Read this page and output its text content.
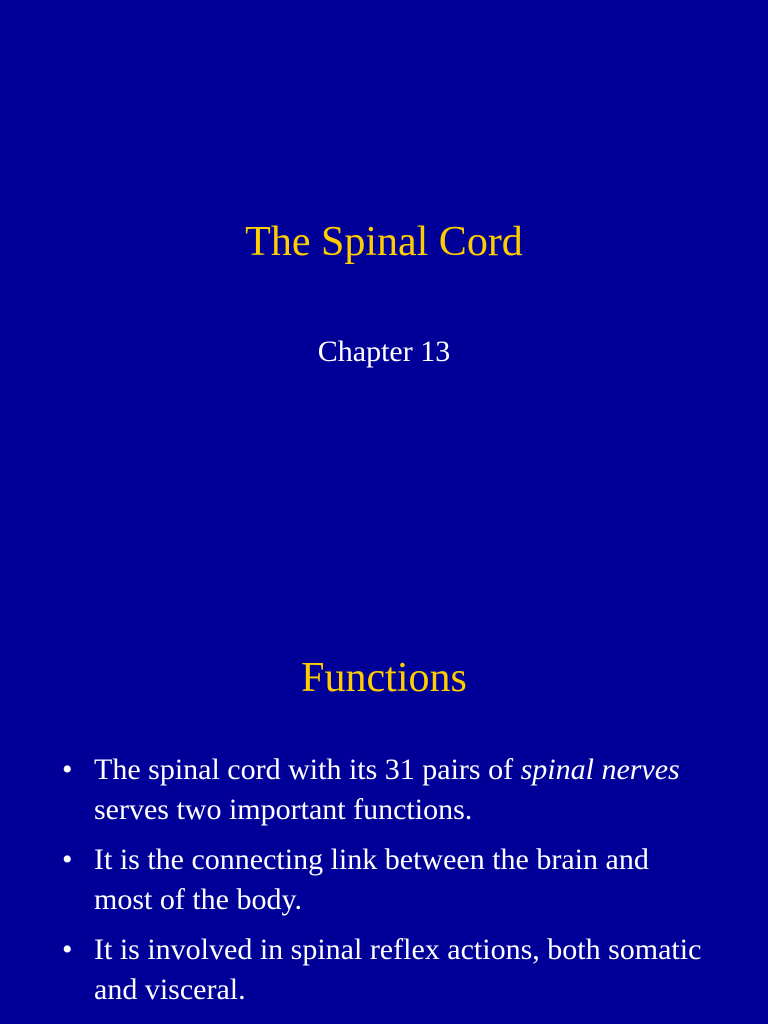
The Spinal Cord

Chapter 13

Functions
• The spinal cord with its 31 pairs of spinal nerves serves two important functions.
• It is the connecting link between the brain and most of the body.
• It is involved in spinal reflex actions, both somatic and visceral.
